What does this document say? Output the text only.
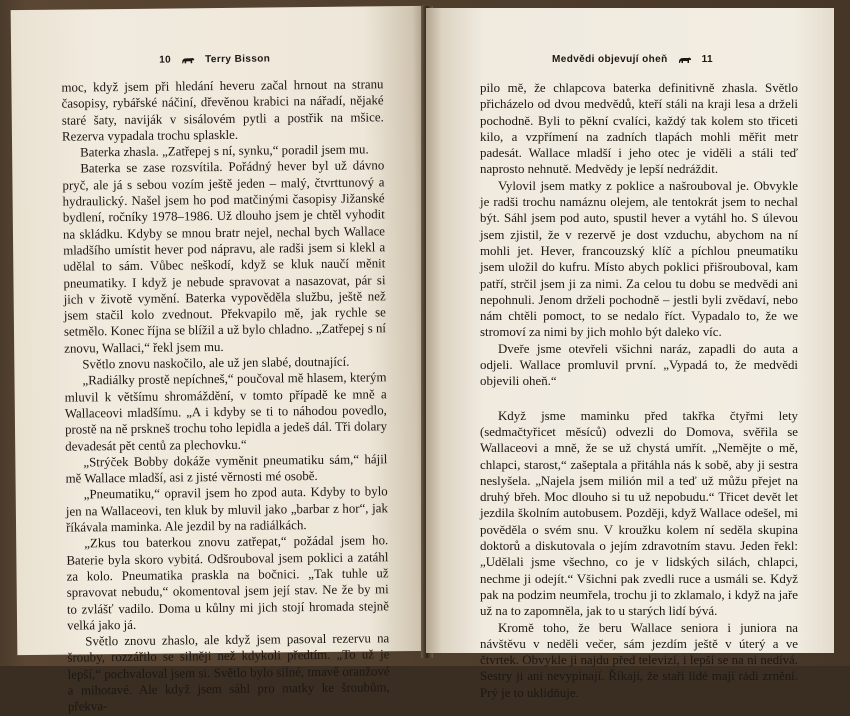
10	Terry Bisson

moc, když jsem při hledání heveru začal hrnout na stranu časopisy, rybářské náčiní, dřevěnou krabici na nářadí, nějaké staré šaty, naviják v sisálovém pytli a postřik na mšice. Rezerva vypadala trochu splaskle.

Baterka zhasla. „Zatřepej s ní, synku,“ poradil jsem mu.

Baterka se zase rozsvítila. Pořádný hever byl už dávno pryč, ale já s sebou vozím ještě jeden – malý, čtvrttunový a hydraulický. Našel jsem ho pod matčinými časopisy Jižanské bydlení, ročníky 1978–1986. Už dlouho jsem je chtěl vyhodit na skládku. Kdyby se mnou bratr nejel, nechal bych Wallace mladšího umístit hever pod nápravu, ale radši jsem si klekl a udělal to sám. Vůbec neškodí, když se kluk naučí měnit pneumatiky. I když je nebude spravovat a nasazovat, pár si jich v životě vymění. Baterka vypověděla službu, ještě než jsem stačil kolo zvednout. Překvapilo mě, jak rychle se setmělo. Konec října se blížil a už bylo chladno. „Zatřepej s ní znovu, Wallaci,“ řekl jsem mu.

Světlo znovu naskočilo, ale už jen slabé, doutnající.

„Radiálky prostě nepíchneš,“ poučoval mě hlasem, kterým mluvil k většímu shromáždění, v tomto případě ke mně a Wallaceovi mladšímu. „A i kdyby se ti to náhodou povedlo, prostě na ně prskneš trochu toho lepidla a jedeš dál. Tři dolary devadesát pět centů za plechovku.“

„Strýček Bobby dokáže vyměnit pneumatiku sám,“ hájil mě Wallace mladší, asi z jisté věrnosti mé osobě.

„Pneumatiku,“ opravil jsem ho zpod auta. Kdyby to bylo jen na Wallaceovi, ten kluk by mluvil jako „barbar z hor“, jak říkávala maminka. Ale jezdil by na radiálkách.

„Zkus tou baterkou znovu zatřepat,“ požádal jsem ho. Baterie byla skoro vybitá. Odšrouboval jsem poklici a zatáhl za kolo. Pneumatika praskla na bočnici. „Tak tuhle už spravovat nebudu,“ okomentoval jsem její stav. Ne že by mi to zvlášť vadilo. Doma u kůlny mi jich stojí hromada stejně velká jako já.

Světlo znovu zhaslo, ale když jsem pasoval rezervu na šrouby, rozzářilo se silněji než kdykoli předtím. „To už je lepší,“ pochvaloval jsem si. Světlo bylo silné, tmavě oranžové a mihotavé. Ale když jsem sáhl pro matky ke šroubům, překva-

Medvědi objevují oheň	11

pilo mě, že chlapcova baterka definitivně zhasla. Světlo přicházelo od dvou medvědů, kteří stáli na kraji lesa a drželi pochodně. Byli to pěkní cvalíci, každý tak kolem sto třiceti kilo, a vzpřímení na zadních tlapách mohli měřit metr padesát. Wallace mladší i jeho otec je viděli a stáli teď naprosto nehnutě. Medvědy je lepší nedráždit.

Vylovil jsem matky z poklice a našrouboval je. Obvykle je radši trochu namáznu olejem, ale tentokrát jsem to nechal být. Sáhl jsem pod auto, spustil hever a vytáhl ho. S úlevou jsem zjistil, že v rezervě je dost vzduchu, abychom na ní mohli jet. Hever, francouzský klíč a píchlou pneumatiku jsem uložil do kufru. Místo abych poklici přišrouboval, kam patří, strčil jsem ji za nimi. Za celou tu dobu se medvědi ani nepohnuli. Jenom drželi pochodně – jestli byli zvědaví, nebo nám chtěli pomoct, to se nedalo říct. Vypadalo to, že we stromoví za nimi by jich mohlo být daleko víc.

Dveře jsme otevřeli všichni naráz, zapadli do auta a odjeli. Wallace promluvil první. „Vypadá to, že medvědi objevili oheň.“

Když jsme maminku před takřka čtyřmi lety (sedmačtyřicet měsíců) odvezli do Domova, svěřila se Wallaceovi a mně, že se už chystá umřít. „Nemějte o mě, chlapci, starost,“ zašeptala a přitáhla nás k sobě, aby ji sestra neslyšela. „Najela jsem milión mil a teď už můžu přejet na druhý břeh. Moc dlouho si tu už nepobudu.“ Třicet devět let jezdila školním autobusem. Později, když Wallace odešel, mi pověděla o svém snu. V kroužku kolem ní seděla skupina doktorů a diskutovala o jejím zdravotním stavu. Jeden řekl: „Udělali jsme všechno, co je v lidských silách, chlapci, nechme ji odejít.“ Všichni pak zvedli ruce a usmáli se. Když pak na podzim neumřela, trochu ji to zklamalo, i když na jaře už na to zapomněla, jak to u starých lidí bývá.

Kromě toho, že beru Wallace seniora i juniora na návštěvu v neděli večer, sám jezdím ještě v úterý a ve čtvrtek. Obvykle ji najdu před televizí, i lepší se na ni nedívá. Sestry ji ani nevypínají. Říkají, že staří lidé mají rádi zrnění. Prý je to uklidňuje.
